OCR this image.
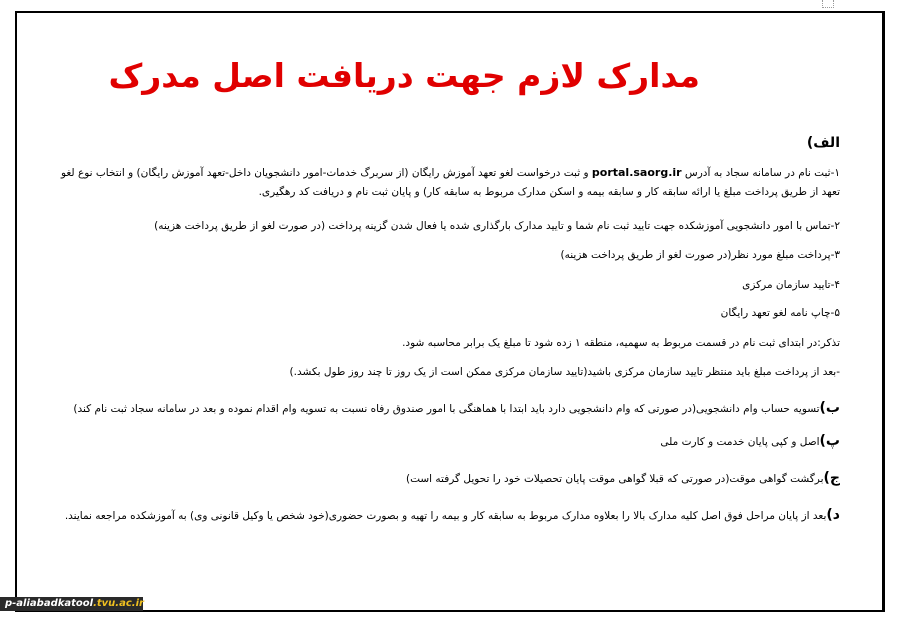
مدارک لازم جهت دریافت اصل مدرک
الف)
۱-ثبت نام در سامانه سجاد به آدرس portal.saorg.ir و ثبت درخواست لغو تعهد آموزش رایگان (از سربرگ خدمات-امور دانشجویان داخل-تعهد آموزش رایگان) و انتخاب نوع لغو
تعهد از طریق پرداخت مبلغ یا ارائه سابقه کار و سابقه بیمه و اسکن مدارک مربوط به سابقه کار) و پایان ثبت نام و دریافت کد رهگیری.
۲-تماس با امور دانشجویی آموزشکده جهت تایید ثبت نام شما و تایید مدارک بارگذاری شده یا فعال شدن گزینه پرداخت (در صورت لغو از طریق پرداخت هزینه)
۳-پرداخت مبلغ مورد نظر(در صورت لغو از طریق پرداخت هزینه)
۴-تایید سازمان مرکزی
۵-چاپ نامه لغو تعهد رایگان
تذکر:در ابتدای ثبت نام در قسمت مربوط به سهمیه، منطقه ۱ زده شود تا مبلغ یک برابر محاسبه شود.
-بعد از پرداخت مبلغ باید منتظر تایید سازمان مرکزی باشید(تایید سازمان مرکزی ممکن است از یک روز تا چند روز طول بکشد.)
ب)تسویه حساب وام دانشجویی(در صورتی که وام دانشجویی دارد باید ابتدا با هماهنگی با امور صندوق رفاه نسبت به تسویه وام اقدام نموده و بعد در سامانه سجاد ثبت نام کند)
پ)اصل و کپی پایان خدمت و کارت ملی
ج)برگشت گواهی موقت(در صورتی که قبلا گواهی موقت پایان تحصیلات خود را تحویل گرفته است)
د)بعد از پایان مراحل فوق اصل کلیه مدارک بالا را بعلاوه مدارک مربوط به سابقه کار و بیمه را تهیه و بصورت حضوری(خود شخص یا وکیل قانونی وی) به آموزشکده مراجعه نمایند.
p-aliabadkatool.tvu.ac.ir
